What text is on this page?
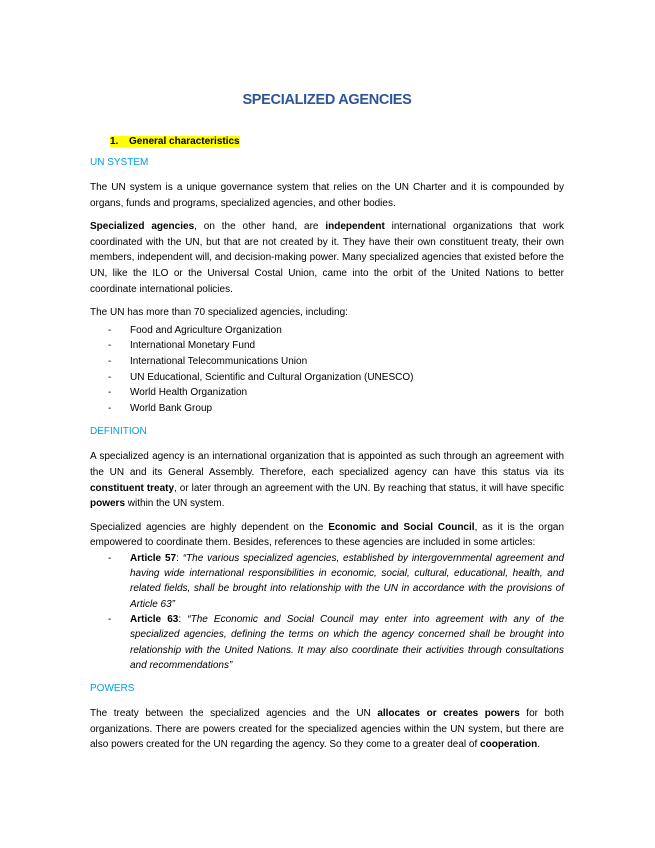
SPECIALIZED AGENCIES
1. General characteristics
UN SYSTEM

The UN system is a unique governance system that relies on the UN Charter and it is compounded by organs, funds and programs, specialized agencies, and other bodies.

Specialized agencies, on the other hand, are independent international organizations that work coordinated with the UN, but that are not created by it. They have their own constituent treaty, their own members, independent will, and decision-making power. Many specialized agencies that existed before the UN, like the ILO or the Universal Costal Union, came into the orbit of the United Nations to better coordinate international policies.

The UN has more than 70 specialized agencies, including:

- Food and Agriculture Organization
- International Monetary Fund
- International Telecommunications Union
- UN Educational, Scientific and Cultural Organization (UNESCO)
- World Health Organization
- World Bank Group
DEFINITION

A specialized agency is an international organization that is appointed as such through an agreement with the UN and its General Assembly. Therefore, each specialized agency can have this status via its constituent treaty, or later through an agreement with the UN. By reaching that status, it will have specific powers within the UN system.

Specialized agencies are highly dependent on the Economic and Social Council, as it is the organ empowered to coordinate them. Besides, references to these agencies are included in some articles:

- Article 57: “The various specialized agencies, established by intergovernmental agreement and having wide international responsibilities in economic, social, cultural, educational, health, and related fields, shall be brought into relationship with the UN in accordance with the provisions of Article 63”
- Article 63: “The Economic and Social Council may enter into agreement with any of the specialized agencies, defining the terms on which the agency concerned shall be brought into relationship with the United Nations. It may also coordinate their activities through consultations and recommendations”
POWERS

The treaty between the specialized agencies and the UN allocates or creates powers for both organizations. There are powers created for the specialized agencies within the UN system, but there are also powers created for the UN regarding the agency. So they come to a greater deal of cooperation.
